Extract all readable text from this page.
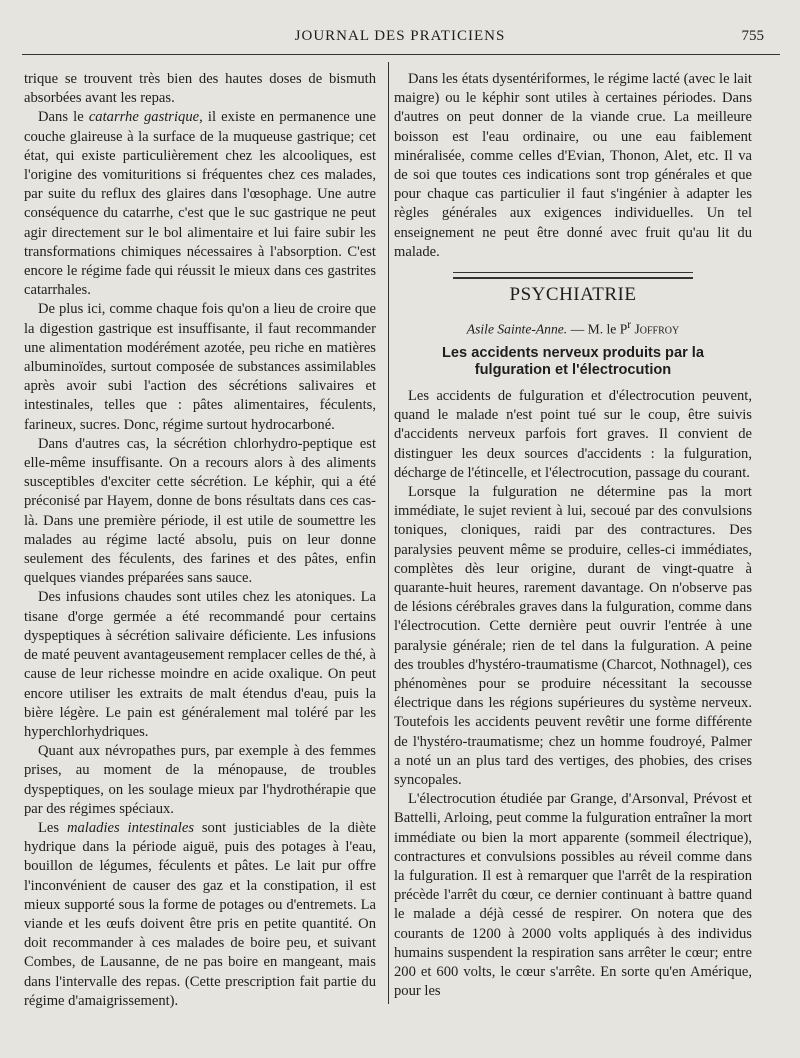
JOURNAL DES PRATICIENS	755

trique se trouvent très bien des hautes doses de bismuth absorbées avant les repas.

Dans le catarrhe gastrique, il existe en permanence une couche glaireuse à la surface de la muqueuse gastrique; cet état, qui existe particulièrement chez les alcooliques, est l'origine des vomituritions si fréquentes chez ces malades, par suite du reflux des glaires dans l'œsophage. Une autre conséquence du catarrhe, c'est que le suc gastrique ne peut agir directement sur le bol alimentaire et lui faire subir les transformations chimiques nécessaires à l'absorption. C'est encore le régime fade qui réussit le mieux dans ces gastrites catarrhales.

De plus ici, comme chaque fois qu'on a lieu de croire que la digestion gastrique est insuffisante, il faut recommander une alimentation modérément azotée, peu riche en matières albuminoïdes, surtout composée de substances assimilables après avoir subi l'action des sécrétions salivaires et intestinales, telles que : pâtes alimentaires, féculents, farineux, sucres. Donc, régime surtout hydrocarboné.

Dans d'autres cas, la sécrétion chlorhydro-peptique est elle-même insuffisante. On a recours alors à des aliments susceptibles d'exciter cette sécrétion. Le képhir, qui a été préconisé par Hayem, donne de bons résultats dans ces cas-là. Dans une première période, il est utile de soumettre les malades au régime lacté absolu, puis on leur donne seulement des féculents, des farines et des pâtes, enfin quelques viandes préparées sans sauce.

Des infusions chaudes sont utiles chez les atoniques. La tisane d'orge germée a été recommandé pour certains dyspeptiques à sécrétion salivaire déficiente. Les infusions de maté peuvent avantageusement remplacer celles de thé, à cause de leur richesse moindre en acide oxalique. On peut encore utiliser les extraits de malt étendus d'eau, puis la bière légère. Le pain est généralement mal toléré par les hyperchlorhydriques.

Quant aux névropathes purs, par exemple à des femmes prises, au moment de la ménopause, de troubles dyspeptiques, on les soulage mieux par l'hydrothérapie que par des régimes spéciaux.

Les maladies intestinales sont justiciables de la diète hydrique dans la période aiguë, puis des potages à l'eau, bouillon de légumes, féculents et pâtes. Le lait pur offre l'inconvénient de causer des gaz et la constipation, il est mieux supporté sous la forme de potages ou d'entremets. La viande et les œufs doivent être pris en petite quantité. On doit recommander à ces malades de boire peu, et suivant Combes, de Lausanne, de ne pas boire en mangeant, mais dans l'intervalle des repas. (Cette prescription fait partie du régime d'amaigrissement).

Dans les états dysentériformes, le régime lacté (avec le lait maigre) ou le képhir sont utiles à certaines périodes. Dans d'autres on peut donner de la viande crue. La meilleure boisson est l'eau ordinaire, ou une eau faiblement minéralisée, comme celles d'Evian, Thonon, Alet, etc. Il va de soi que toutes ces indications sont trop générales et que pour chaque cas particulier il faut s'ingénier à adapter les règles générales aux exigences individuelles. Un tel enseignement ne peut être donné avec fruit qu'au lit du malade.

PSYCHIATRIE
Asile Sainte-Anne. — M. le $P^r$ Joffroy
Les accidents nerveux produits par la fulguration et l'électrocution

Les accidents de fulguration et d'électrocution peuvent, quand le malade n'est point tué sur le coup, être suivis d'accidents nerveux parfois fort graves. Il convient de distinguer les deux sources d'accidents : la fulguration, décharge de l'étincelle, et l'électrocution, passage du courant.

Lorsque la fulguration ne détermine pas la mort immédiate, le sujet revient à lui, secoué par des convulsions toniques, cloniques, raidi par des contractures. Des paralysies peuvent même se produire, celles-ci immédiates, complètes dès leur origine, durant de vingt-quatre à quarante-huit heures, rarement davantage. On n'observe pas de lésions cérébrales graves dans la fulguration, comme dans l'électrocution. Cette dernière peut ouvrir l'entrée à une paralysie générale; rien de tel dans la fulguration. A peine des troubles d'hystéro-traumatisme (Charcot, Nothnagel), ces phénomènes pour se produire nécessitant la secousse électrique dans les régions supérieures du système nerveux. Toutefois les accidents peuvent revêtir une forme différente de l'hystéro-traumatisme; chez un homme foudroyé, Palmer a noté un an plus tard des vertiges, des phobies, des crises syncopales.

L'électrocution étudiée par Grange, d'Arsonval, Prévost et Battelli, Arloing, peut comme la fulguration entraîner la mort immédiate ou bien la mort apparente (sommeil électrique), contractures et convulsions possibles au réveil comme dans la fulguration. Il est à remarquer que l'arrêt de la respiration précède l'arrêt du cœur, ce dernier continuant à battre quand le malade a déjà cessé de respirer. On notera que des courants de 1200 à 2000 volts appliqués à des individus humains suspendent la respiration sans arrêter le cœur; entre 200 et 600 volts, le cœur s'arrête. En sorte qu'en Amérique, pour les
